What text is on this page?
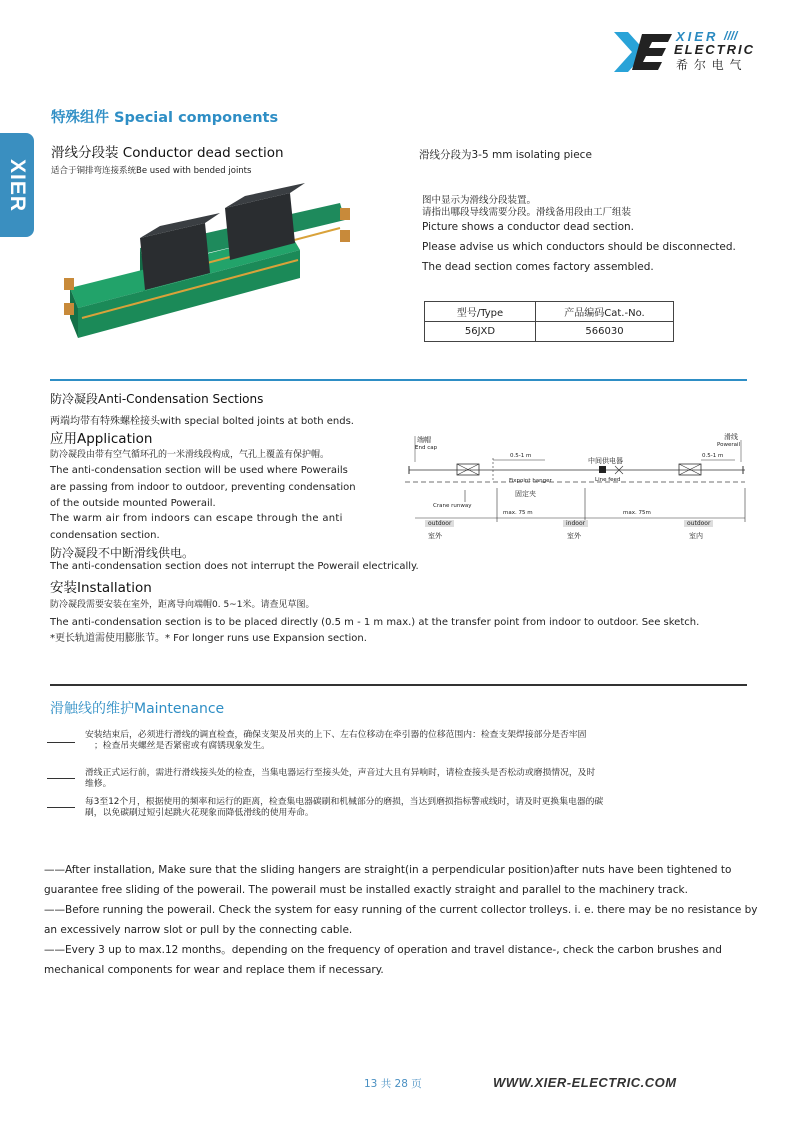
XIER ////
ELECTRIC
希 尔 电 气
XIER
特殊组件 Special components
滑线分段装 Conductor dead section
适合于铜排弯连接系统Be used with bended joints
滑线分段为3-5 mm isolating piece
图中显示为滑线分段装置。
请指出哪段导线需要分段。滑线备用段由工厂组装
Picture shows a conductor dead section.
Please advise us which conductors should be disconnected.
The dead section comes factory assembled.
型号/Type	产品编码Cat.-No.
56JXD	566030
防冷凝段Anti-Condensation Sections
两端均带有特殊螺栓接头with special bolted joints at both ends.
应用Application
防冷凝段由带有空气循环孔的一米滑线段构成，气孔上覆盖有保护帽。
The anti-condensation section will be used where Powerails
are passing from indoor to outdoor, preventing condensation
of the outside mounted Powerail.
The warm air from indoors can escape through the anti
condensation section.
防冷凝段不中断滑线供电。
The anti-condensation section does not interrupt the Powerail electrically.
安装Installation
防冷凝段需要安装在室外，距离导向端帽0. 5~1米。请查见草图。
The anti-condensation section is to be placed directly (0.5 m - 1 m max.) at the transfer point from indoor to outdoor. See sketch.
*更长轨道需使用膨胀节。* For longer runs use Expansion section.
端帽
End cap
滑线
Powerail
0.5-1 m	0.5-1 m
中间供电器
Fixpoint hanger	Line feed
固定夹
Crane runway
max. 75 m	max. 75m
outdoor
室外
indoor
室外
outdoor
室内
滑触线的维护Maintenance
安装结束后，必须进行滑线的调直检查，确保支架及吊夹的上下、左右位移动在牵引器的位移范围内：检查支架焊接部分是否牢固
；检查吊夹螺丝是否紧密或有腐锈现象发生。
滑线正式运行前，需进行滑线接头处的检查，当集电器运行至接头处，声音过大且有异响时，请检查接头是否松动或磨损情况，及时
维修。
每3至12个月，根据使用的频率和运行的距离，检查集电器碳刷和机械部分的磨损，当达到磨损指标警戒线时，请及时更换集电器的碳
刷，以免碳刷过短引起跳火花现象而降低滑线的使用寿命。
——After installation, Make sure that the sliding hangers are straight(in a perpendicular position)after nuts have been tightened to
guarantee free sliding of the powerail. The powerail must be installed exactly straight and parallel to the machinery track.
——Before running the powerail. Check the system for easy running of the current collector trolleys. i. e. there may be no resistance by
an excessively narrow slot or pull by the connecting cable.
——Every 3 up to max.12 months。depending on the frequency of operation and travel distance-, check the carbon brushes and
mechanical components for wear and replace them if necessary.
13 共 28 页	WWW.XIER-ELECTRIC.COM
